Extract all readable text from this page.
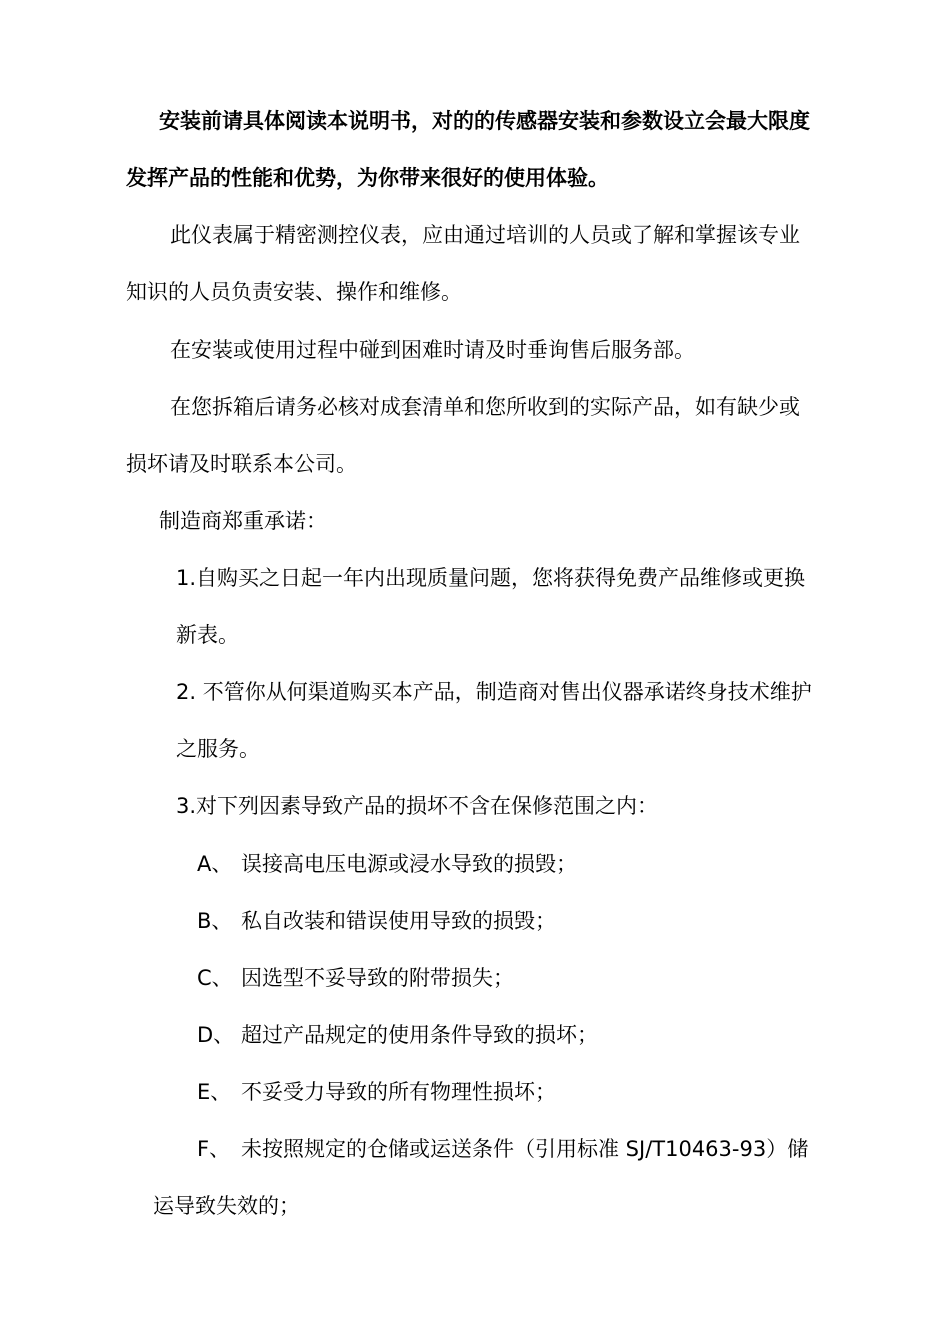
安装前请具体阅读本说明书，对的的传感器安装和参数设立会最大限度
发挥产品的性能和优势，为你带来很好的使用体验。
此仪表属于精密测控仪表，应由通过培训的人员或了解和掌握该专业
知识的人员负责安装、操作和维修。
在安装或使用过程中碰到困难时请及时垂询售后服务部。
在您拆箱后请务必核对成套清单和您所收到的实际产品，如有缺少或
损坏请及时联系本公司。
制造商郑重承诺：
1.自购买之日起一年内出现质量问题，您将获得免费产品维修或更换
新表。
2. 不管你从何渠道购买本产品，制造商对售出仪器承诺终身技术维护
之服务。
3.对下列因素导致产品的损坏不含在保修范围之内：
A、 误接高电压电源或浸水导致的损毁；
B、 私自改装和错误使用导致的损毁；
C、 因选型不妥导致的附带损失；
D、 超过产品规定的使用条件导致的损坏；
E、 不妥受力导致的所有物理性损坏；
F、 未按照规定的仓储或运送条件（引用标准 SJ/T10463-93）储
运导致失效的；
